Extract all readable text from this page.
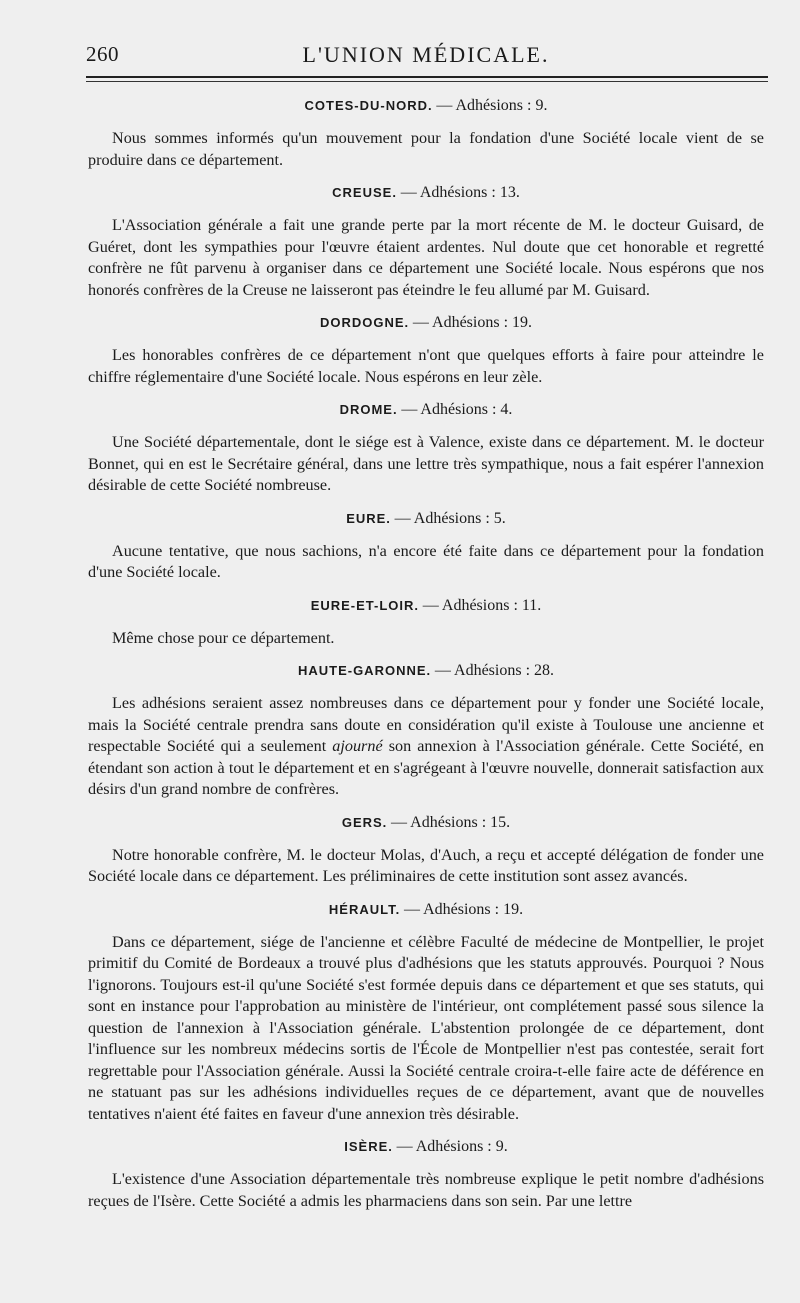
260	L'UNION MÉDICALE.
COTES-DU-NORD. — Adhésions : 9.

Nous sommes informés qu'un mouvement pour la fondation d'une Société locale vient de se produire dans ce département.

CREUSE. — Adhésions : 13.

L'Association générale a fait une grande perte par la mort récente de M. le docteur Guisard, de Guéret, dont les sympathies pour l'œuvre étaient ardentes. Nul doute que cet honorable et regretté confrère ne fût parvenu à organiser dans ce département une Société locale. Nous espérons que nos honorés confrères de la Creuse ne laisseront pas éteindre le feu allumé par M. Guisard.

DORDOGNE. — Adhésions : 19.

Les honorables confrères de ce département n'ont que quelques efforts à faire pour atteindre le chiffre réglementaire d'une Société locale. Nous espérons en leur zèle.

DROME. — Adhésions : 4.

Une Société départementale, dont le siége est à Valence, existe dans ce département. M. le docteur Bonnet, qui en est le Secrétaire général, dans une lettre très sympathique, nous a fait espérer l'annexion désirable de cette Société nombreuse.

EURE. — Adhésions : 5.

Aucune tentative, que nous sachions, n'a encore été faite dans ce département pour la fondation d'une Société locale.

EURE-ET-LOIR. — Adhésions : 11.

Même chose pour ce département.

HAUTE-GARONNE. — Adhésions : 28.

Les adhésions seraient assez nombreuses dans ce département pour y fonder une Société locale, mais la Société centrale prendra sans doute en considération qu'il existe à Toulouse une ancienne et respectable Société qui a seulement ajourné son annexion à l'Association générale. Cette Société, en étendant son action à tout le département et en s'agrégeant à l'œuvre nouvelle, donnerait satisfaction aux désirs d'un grand nombre de confrères.

GERS. — Adhésions : 15.

Notre honorable confrère, M. le docteur Molas, d'Auch, a reçu et accepté délégation de fonder une Société locale dans ce département. Les préliminaires de cette institution sont assez avancés.

HÉRAULT. — Adhésions : 19.

Dans ce département, siége de l'ancienne et célèbre Faculté de médecine de Montpellier, le projet primitif du Comité de Bordeaux a trouvé plus d'adhésions que les statuts approuvés. Pourquoi ? Nous l'ignorons. Toujours est-il qu'une Société s'est formée depuis dans ce département et que ses statuts, qui sont en instance pour l'approbation au ministère de l'intérieur, ont complétement passé sous silence la question de l'annexion à l'Association générale. L'abstention prolongée de ce département, dont l'influence sur les nombreux médecins sortis de l'École de Montpellier n'est pas contestée, serait fort regrettable pour l'Association générale. Aussi la Société centrale croira-t-elle faire acte de déférence en ne statuant pas sur les adhésions individuelles reçues de ce département, avant que de nouvelles tentatives n'aient été faites en faveur d'une annexion très désirable.

ISÈRE. — Adhésions : 9.

L'existence d'une Association départementale très nombreuse explique le petit nombre d'adhésions reçues de l'Isère. Cette Société a admis les pharmaciens dans son sein. Par une lettre
